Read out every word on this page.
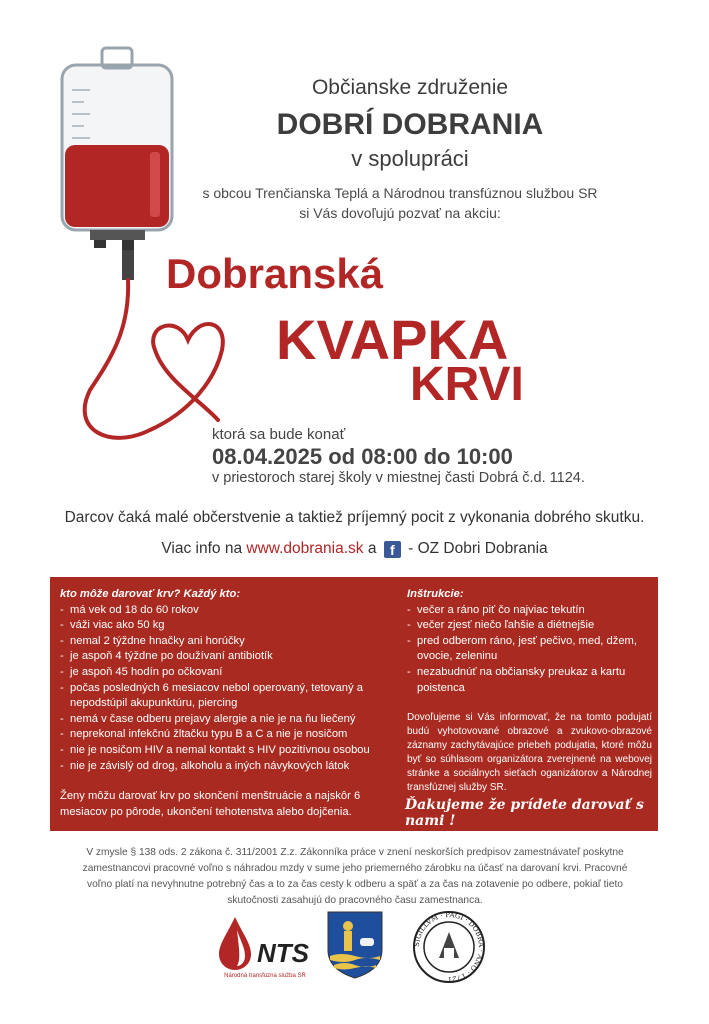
Občianske združenie
DOBRÍ DOBRANIA
v spolupráci
s obcou Trenčianska Teplá a Národnou transfúznou službou SR
si Vás dovoľujú pozvať na akciu:
Dobranská
KVAPKA
KRVI
ktorá sa bude konať
08.04.2025 od 08:00 do 10:00
v priestoroch starej školy v miestnej časti Dobrá č.d. 1124.
Darcov čaká malé občerstvenie a taktiež príjemný pocit z vykonania dobrého skutku.
Viac info na www.dobrania.sk a f - OZ Dobri Dobrania
kto môže darovať krv? Každý kto:
- má vek od 18 do 60 rokov
- váži viac ako 50 kg
- nemal 2 týždne hnačky ani horúčky
- je aspoň 4 týždne po doužívaní antibiotík
- je aspoň 45 hodín po očkovaní
- počas posledných 6 mesiacov nebol operovaný, tetovaný a nepodstúpil akupunktúru, piercing
- nemá v čase odberu prejavy alergie a nie je na ňu liečený
- neprekonal infekčnú žltačku typu B a C a nie je nosičom
- nie je nosičom HIV a nemal kontakt s HIV pozitívnou osobou
- nie je závislý od drog, alkoholu a iných návykových látok
Ženy môžu darovať krv po skončení menštruácie a najskôr 6 mesiacov po pôrode, ukončení tehotenstva alebo dojčenia.
Inštrukcie:
- večer a ráno piť čo najviac tekutín
- večer zjesť niečo ľahšie a diétnejšie
- pred odberom ráno, jesť pečivo, med, džem, ovocie, zeleninu
- nezabudnúť na občiansky preukaz a kartu poistenca
Dovoľujeme si Vás informovať, že na tomto podujatí budú vyhotovované obrazové a zvukovo-obrazové záznamy zachytávajúce priebeh podujatia, ktoré môžu byť so súhlasom organizátora zverejnené na webovej stránke a sociálnych sieťach oganizátorov a Národnej transfúznej služby SR.
Ďakujeme že prídete darovať s nami !
V zmysle § 138 ods. 2 zákona č. 311/2001 Z.z. Zákonníka práce v znení neskorších predpisov zamestnávateľ poskytne zamestnancovi pracovné voľno s náhradou mzdy v sume jeho priemerného zárobku na účasť na darovaní krvi. Pracovné voľno platí na nevyhnutne potrebný čas a to za čas cesty k odberu a späť a za čas na zotavenie po odbere, pokiaľ tieto skutočnosti zasahujú do pracovného času zamestnanca.
NTS
Národná transfúzna služba SR
SIGILLVM · PAGI · DOBRA · ANO · 1721
